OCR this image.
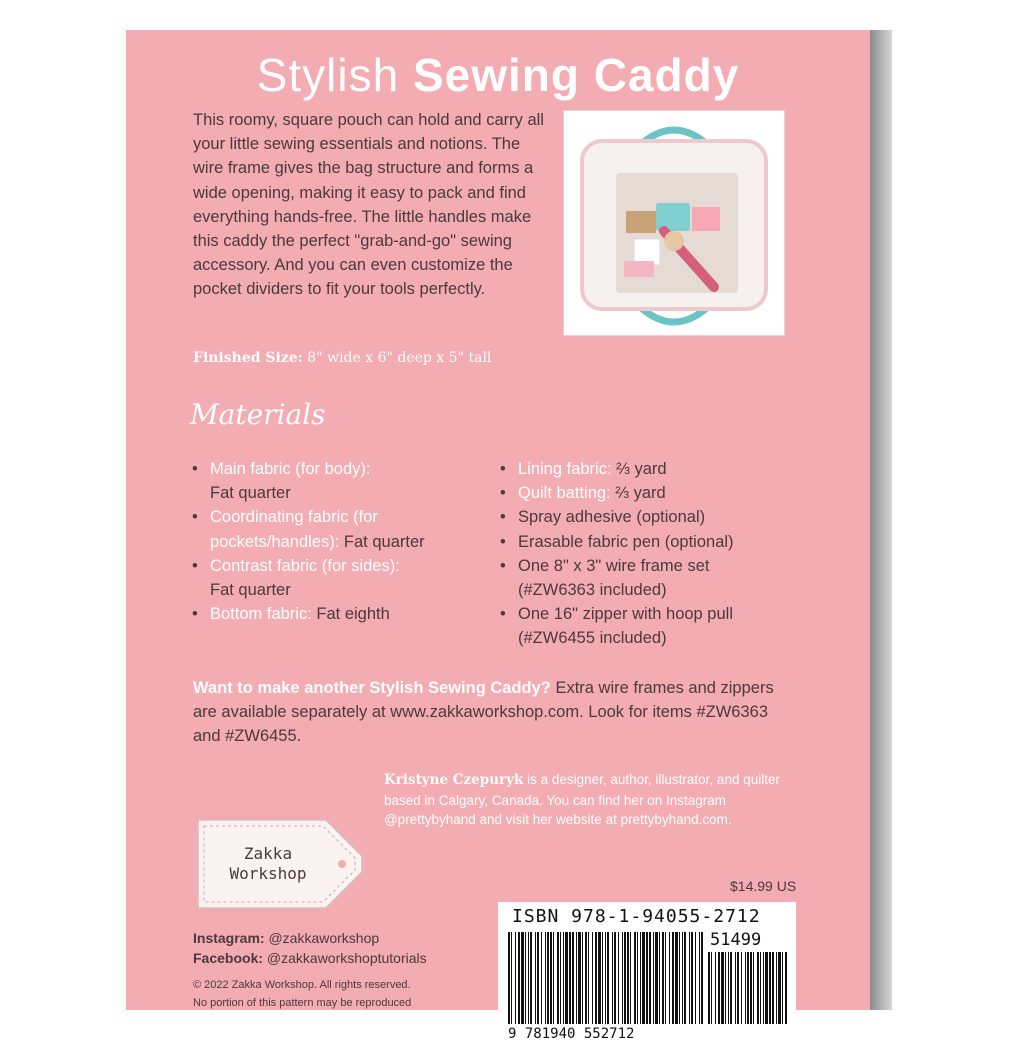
Stylish Sewing Caddy
This roomy, square pouch can hold and carry all your little sewing essentials and notions. The wire frame gives the bag structure and forms a wide opening, making it easy to pack and find everything hands-free. The little handles make this caddy the perfect "grab-and-go" sewing accessory. And you can even customize the pocket dividers to fit your tools perfectly.
Finished Size: 8" wide x 6" deep x 5" tall
Materials
• Main fabric (for body):
Fat quarter
• Coordinating fabric (for
pockets/handles): Fat quarter
• Contrast fabric (for sides):
Fat quarter
• Bottom fabric: Fat eighth
• Lining fabric: ⅔ yard
• Quilt batting: ⅔ yard
• Spray adhesive (optional)
• Erasable fabric pen (optional)
• One 8" x 3" wire frame set
(#ZW6363 included)
• One 16" zipper with hoop pull
(#ZW6455 included)
Want to make another Stylish Sewing Caddy? Extra wire frames and zippers are available separately at www.zakkaworkshop.com. Look for items #ZW6363 and #ZW6455.
Kristyne Czepuryk is a designer, author, illustrator, and quilter based in Calgary, Canada. You can find her on Instagram @prettybyhand and visit her website at prettybyhand.com.
Zakka
Workshop
$14.99 US
Instagram: @zakkaworkshop
Facebook: @zakkaworkshoptutorials
© 2022 Zakka Workshop. All rights reserved.
No portion of this pattern may be reproduced
ISBN 978-1-94055-2712
51499
9 781940 552712
